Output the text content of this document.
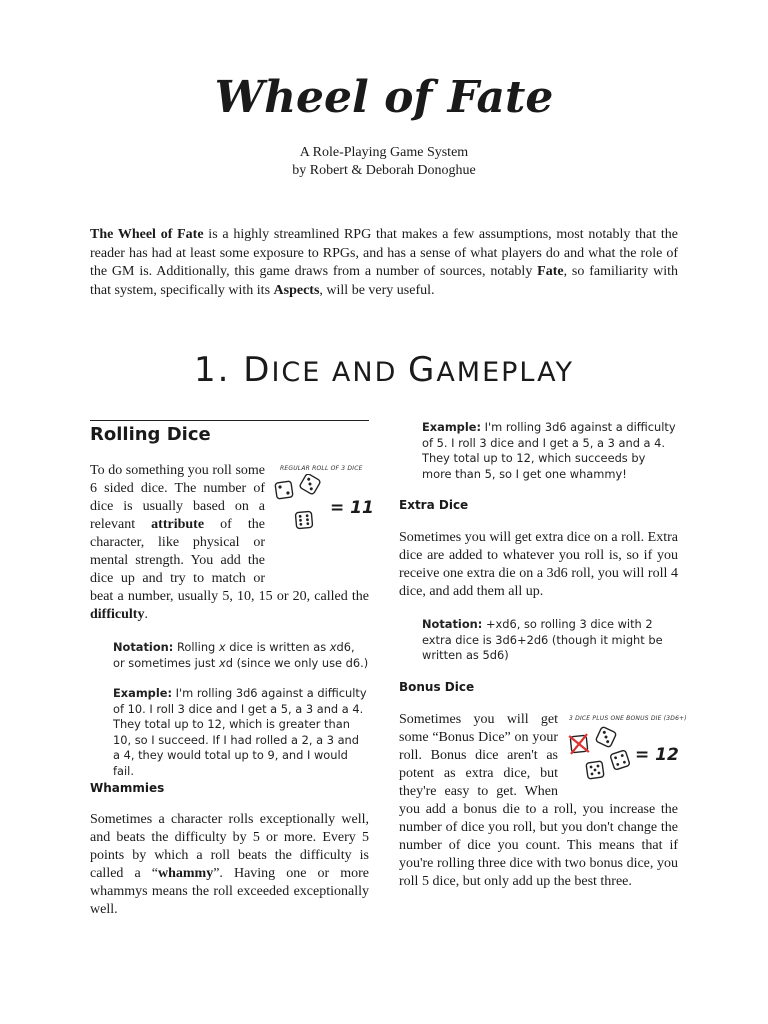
Wheel of Fate
A Role-Playing Game System
by Robert & Deborah Donoghue
The Wheel of Fate is a highly streamlined RPG that makes a few assumptions, most notably that the reader has had at least some exposure to RPGs, and has a sense of what players do and what the role of the GM is. Additionally, this game draws from a number of sources, notably Fate, so familiarity with that system, specifically with its Aspects, will be very useful.
1. DICE AND GAMEPLAY
Rolling Dice
REGULAR ROLL OF 3 DICE
= 11
To do something you roll some 6 sided dice. The number of dice is usually based on a relevant attribute of the character, like physical or mental strength. You add the dice up and try to match or beat a number, usually 5, 10, 15 or 20, called the difficulty.
Notation: Rolling x dice is written as xd6, or sometimes just xd (since we only use d6.)
Example: I'm rolling 3d6 against a difficulty of 10. I roll 3 dice and I get a 5, a 3 and a 4. They total up to 12, which is greater than 10, so I succeed. If I had rolled a 2, a 3 and a 4, they would total up to 9, and I would fail.
Whammies
Sometimes a character rolls exceptionally well, and beats the difficulty by 5 or more. Every 5 points by which a roll beats the difficulty is called a “whammy”. Having one or more whammys means the roll exceeded exceptionally well.
Example: I'm rolling 3d6 against a difficulty of 5. I roll 3 dice and I get a 5, a 3 and a 4. They total up to 12, which succeeds by more than 5, so I get one whammy!
Extra Dice
Sometimes you will get extra dice on a roll. Extra dice are added to whatever you roll is, so if you receive one extra die on a 3d6 roll, you will roll 4 dice, and add them all up.
Notation: +xd6, so rolling 3 dice with 2 extra dice is 3d6+2d6 (though it might be written as 5d6)
Bonus Dice
3 DICE PLUS ONE BONUS DIE (3D6+)
= 12
Sometimes you will get some “Bonus Dice” on your roll. Bonus dice aren't as potent as extra dice, but they're easy to get. When you add a bonus die to a roll, you increase the number of dice you roll, but you don't change the number of dice you count. This means that if you're rolling three dice with two bonus dice, you roll 5 dice, but only add up the best three.
